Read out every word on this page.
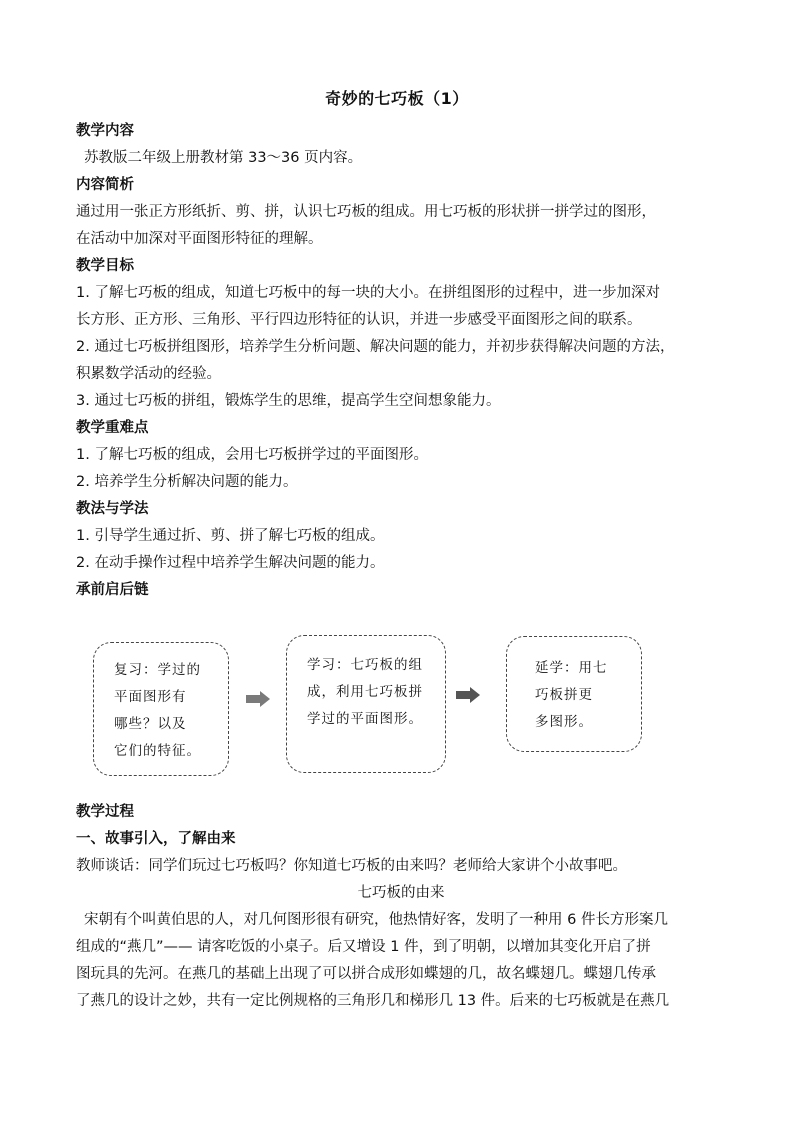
奇妙的七巧板（1）
教学内容
苏教版二年级上册教材第 33～36 页内容。
内容简析
通过用一张正方形纸折、剪、拼，认识七巧板的组成。用七巧板的形状拼一拼学过的图形，
在活动中加深对平面图形特征的理解。
教学目标
1. 了解七巧板的组成，知道七巧板中的每一块的大小。在拼组图形的过程中，进一步加深对
长方形、正方形、三角形、平行四边形特征的认识，并进一步感受平面图形之间的联系。
2. 通过七巧板拼组图形，培养学生分析问题、解决问题的能力，并初步获得解决问题的方法，
积累数学活动的经验。
3. 通过七巧板的拼组，锻炼学生的思维，提高学生空间想象能力。
教学重难点
1. 了解七巧板的组成，会用七巧板拼学过的平面图形。
2. 培养学生分析解决问题的能力。
教法与学法
1. 引导学生通过折、剪、拼了解七巧板的组成。
2. 在动手操作过程中培养学生解决问题的能力。
承前启后链
复习：学过的
平面图形有
哪些？以及
它们的特征。
学习：七巧板的组
成，利用七巧板拼
学过的平面图形。
延学：用七
巧板拼更
多图形。
教学过程
一、故事引入，了解由来
教师谈话：同学们玩过七巧板吗？你知道七巧板的由来吗？老师给大家讲个小故事吧。
七巧板的由来
宋朝有个叫黄伯思的人，对几何图形很有研究，他热情好客，发明了一种用 6 件长方形案几
组成的“燕几”—— 请客吃饭的小桌子。后又增设 1 件，到了明朝，以增加其变化开启了拼
图玩具的先河。在燕几的基础上出现了可以拼合成形如蝶翅的几，故名蝶翅几。蝶翅几传承
了燕几的设计之妙，共有一定比例规格的三角形几和梯形几 13 件。后来的七巧板就是在燕几
